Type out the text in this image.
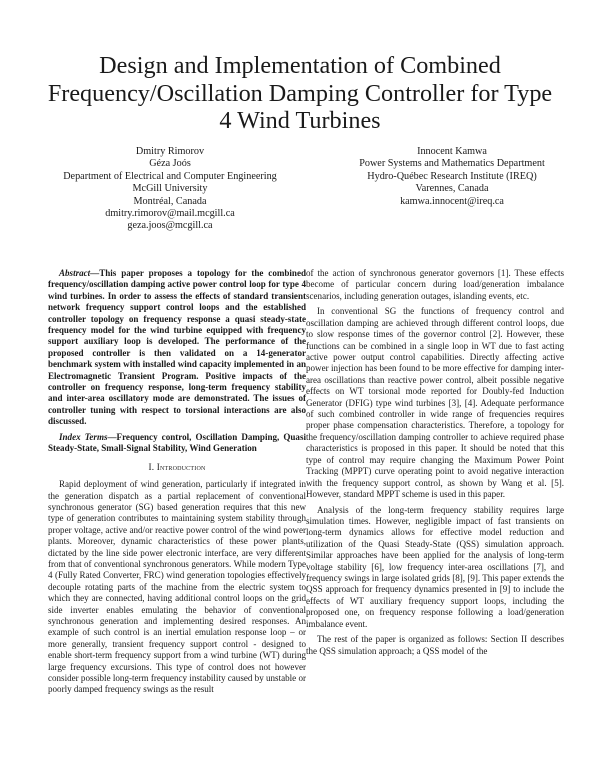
Design and Implementation of Combined Frequency/Oscillation Damping Controller for Type 4 Wind Turbines
Dmitry Rimorov
Géza Joós
Department of Electrical and Computer Engineering
McGill University
Montréal, Canada
dmitry.rimorov@mail.mcgill.ca
geza.joos@mcgill.ca
Innocent Kamwa
Power Systems and Mathematics Department
Hydro-Québec Research Institute (IREQ)
Varennes, Canada
kamwa.innocent@ireq.ca

Abstract—This paper proposes a topology for the combined frequency/oscillation damping active power control loop for type 4 wind turbines. In order to assess the effects of standard transient network frequency support control loops and the established controller topology on frequency response a quasi steady-state frequency model for the wind turbine equipped with frequency support auxiliary loop is developed. The performance of the proposed controller is then validated on a 14-generator benchmark system with installed wind capacity implemented in an Electromagnetic Transient Program. Positive impacts of the controller on frequency response, long-term frequency stability and inter-area oscillatory mode are demonstrated. The issues of controller tuning with respect to torsional interactions are also discussed.

Index Terms—Frequency control, Oscillation Damping, Quasi Steady-State, Small-Signal Stability, Wind Generation

I. Introduction

Rapid deployment of wind generation, particularly if integrated in the generation dispatch as a partial replacement of conventional synchronous generator (SG) based generation requires that this new type of generation contributes to maintaining system stability through proper voltage, active and/or reactive power control of the wind power plants. Moreover, dynamic characteristics of these power plants, dictated by the line side power electronic interface, are very different from that of conventional synchronous generators. While modern Type 4 (Fully Rated Converter, FRC) wind generation topologies effectively decouple rotating parts of the machine from the electric system to which they are connected, having additional control loops on the grid side inverter enables emulating the behavior of conventional synchronous generation and implementing desired responses. An example of such control is an inertial emulation response loop – or more generally, transient frequency support control - designed to enable short-term frequency support from a wind turbine (WT) during large frequency excursions. This type of control does not however consider possible long-term frequency instability caused by unstable or poorly damped frequency swings as the result

of the action of synchronous generator governors [1]. These effects become of particular concern during load/generation imbalance scenarios, including generation outages, islanding events, etc.

In conventional SG the functions of frequency control and oscillation damping are achieved through different control loops, due to slow response times of the governor control [2]. However, these functions can be combined in a single loop in WT due to fast acting active power output control capabilities. Directly affecting active power injection has been found to be more effective for damping inter-area oscillations than reactive power control, albeit possible negative effects on WT torsional mode reported for Doubly-fed Induction Generator (DFIG) type wind turbines [3], [4]. Adequate performance of such combined controller in wide range of frequencies requires proper phase compensation characteristics. Therefore, a topology for the frequency/oscillation damping controller to achieve required phase characteristics is proposed in this paper. It should be noted that this type of control may require changing the Maximum Power Point Tracking (MPPT) curve operating point to avoid negative interaction with the frequency support control, as shown by Wang et al. [5]. However, standard MPPT scheme is used in this paper.

Analysis of the long-term frequency stability requires large simulation times. However, negligible impact of fast transients on long-term dynamics allows for effective model reduction and utilization of the Quasi Steady-State (QSS) simulation approach. Similar approaches have been applied for the analysis of long-term voltage stability [6], low frequency inter-area oscillations [7], and frequency swings in large isolated grids [8], [9]. This paper extends the QSS approach for frequency dynamics presented in [9] to include the effects of WT auxiliary frequency support loops, including the proposed one, on frequency response following a load/generation imbalance event.

The rest of the paper is organized as follows: Section II describes the QSS simulation approach; a QSS model of the
